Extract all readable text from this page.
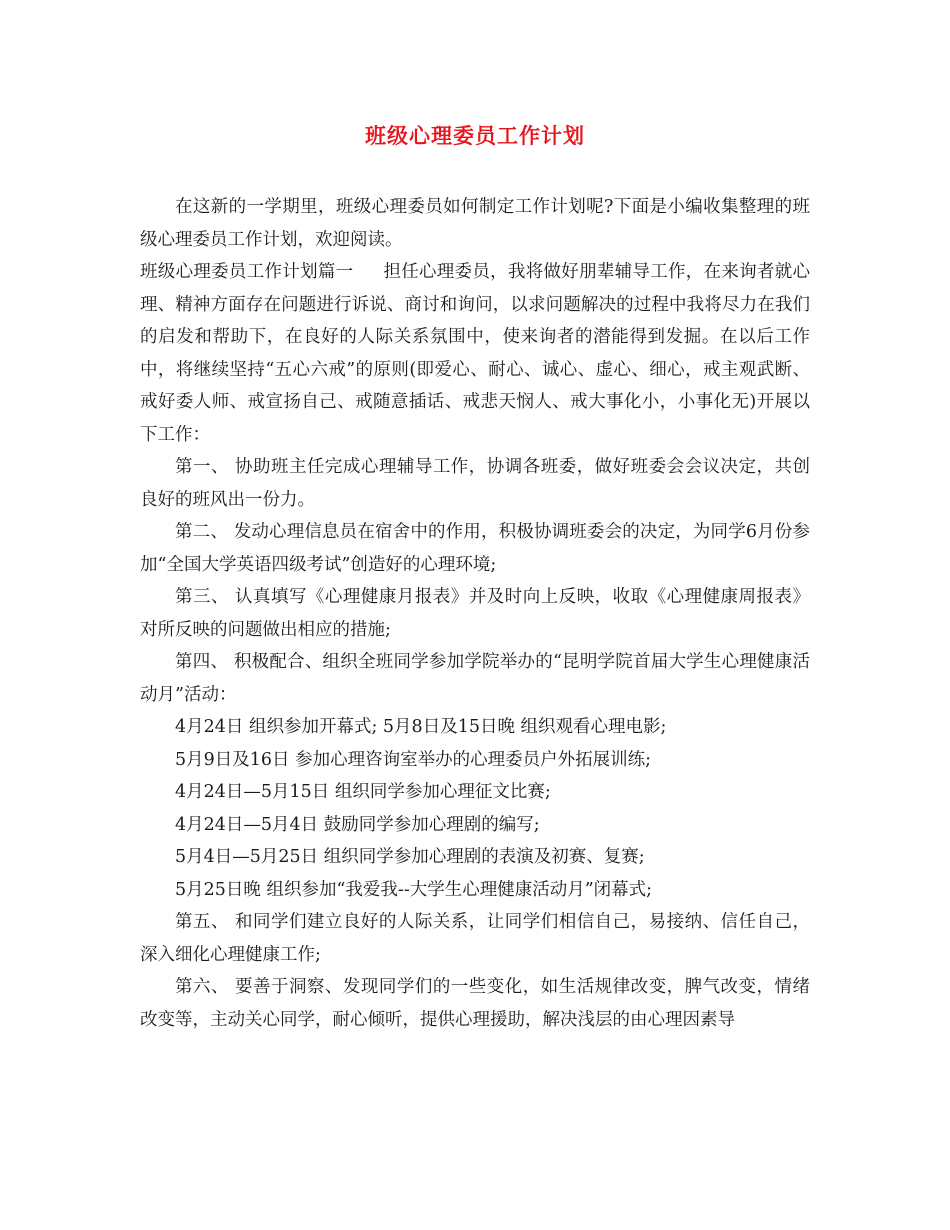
班级心理委员工作计划

在这新的一学期里，班级心理委员如何制定工作计划呢?下面是小编收集整理的班级心理委员工作计划，欢迎阅读。

班级心理委员工作计划篇一 担任心理委员，我将做好朋辈辅导工作，在来询者就心理、精神方面存在问题进行诉说、商讨和询问，以求问题解决的过程中我将尽力在我们的启发和帮助下，在良好的人际关系氛围中，使来询者的潜能得到发掘。在以后工作中，将继续坚持“五心六戒”的原则(即爱心、耐心、诚心、虚心、细心，戒主观武断、戒好委人师、戒宣扬自己、戒随意插话、戒悲天悯人、戒大事化小，小事化无)开展以下工作：

第一、 协助班主任完成心理辅导工作，协调各班委，做好班委会会议决定，共创良好的班风出一份力。

第二、 发动心理信息员在宿舍中的作用，积极协调班委会的决定，为同学6月份参加“全国大学英语四级考试”创造好的心理环境;

第三、 认真填写《心理健康月报表》并及时向上反映，收取《心理健康周报表》对所反映的问题做出相应的措施;

第四、 积极配合、组织全班同学参加学院举办的“昆明学院首届大学生心理健康活动月”活动：

4月24日 组织参加开幕式; 5月8日及15日晚 组织观看心理电影;

5月9日及16日 参加心理咨询室举办的心理委员户外拓展训练;

4月24日—5月15日 组织同学参加心理征文比赛;

4月24日—5月4日 鼓励同学参加心理剧的编写;

5月4日—5月25日 组织同学参加心理剧的表演及初赛、复赛;

5月25日晚 组织参加“我爱我--大学生心理健康活动月”闭幕式;

第五、 和同学们建立良好的人际关系，让同学们相信自己，易接纳、信任自己，深入细化心理健康工作;

第六、 要善于洞察、发现同学们的一些变化，如生活规律改变，脾气改变，情绪改变等，主动关心同学，耐心倾听，提供心理援助，解决浅层的由心理因素导
